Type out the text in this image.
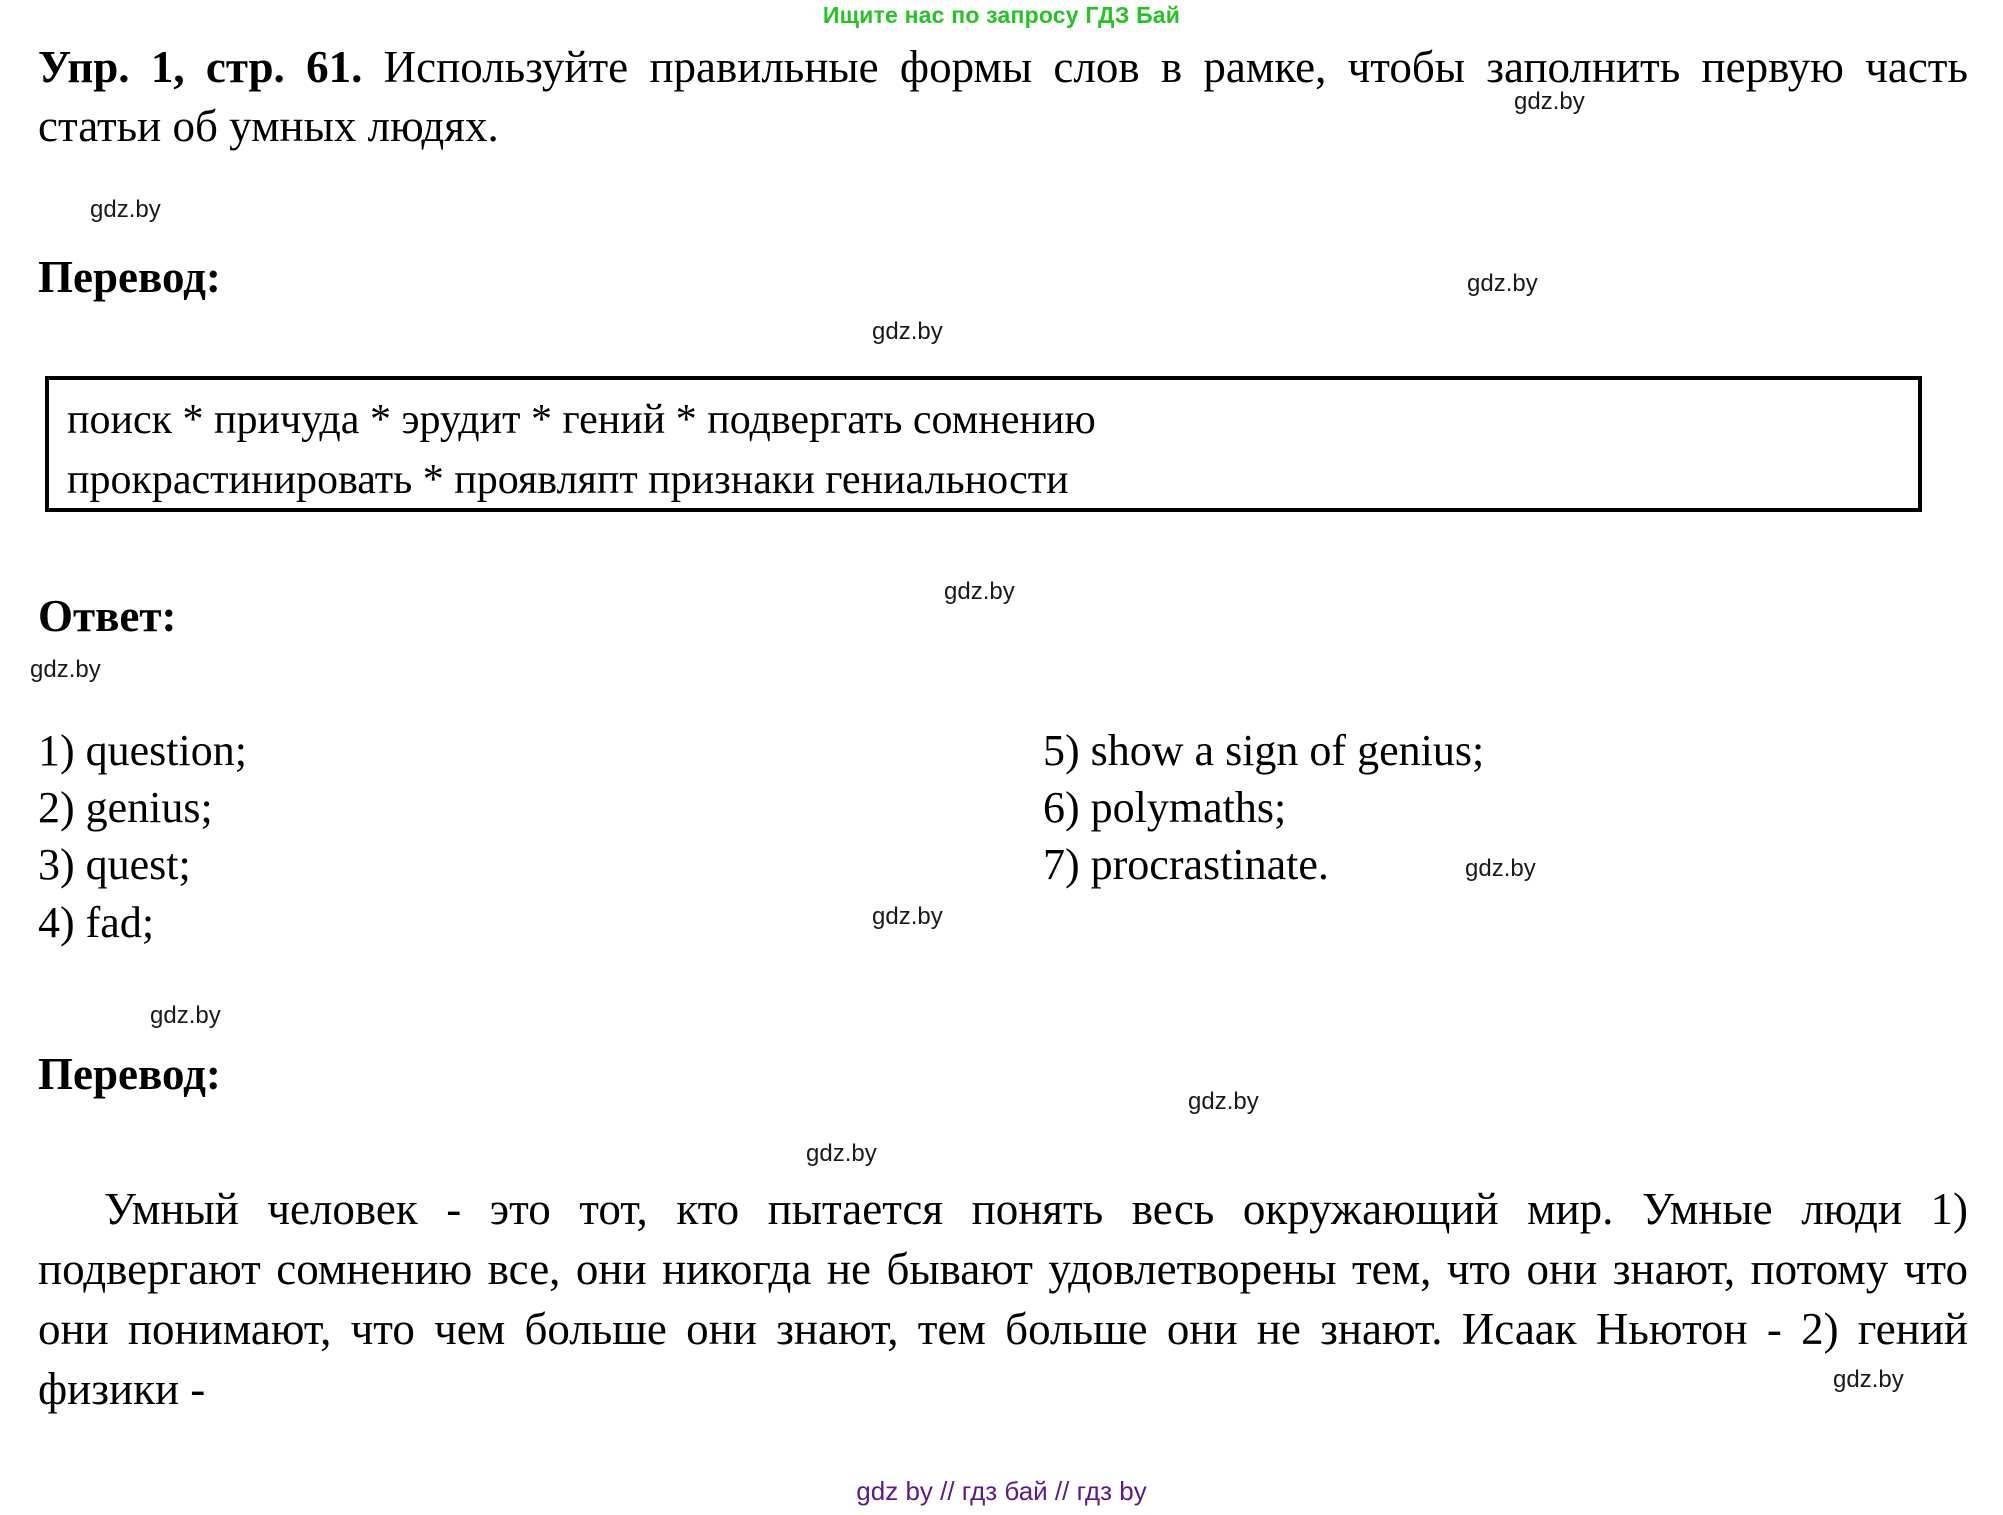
Ищите нас по запросу ГДЗ Бай
Упр. 1, стр. 61. Используйте правильные формы слов в рамке, чтобы заполнить первую часть статьи об умных людях.
Перевод:
поиск * причуда * эрудит * гений * подвергать сомнению
прокрастинировать * проявляпт признаки гениальности
Ответ:
1) question;
2) genius;
3) quest;
4) fad;
5) show a sign of genius;
6) polymaths;
7) procrastinate.
Перевод:

Умный человек - это тот, кто пытается понять весь окружающий мир. Умные люди 1) подвергают сомнению все, они никогда не бывают удовлетворены тем, что они знают, потому что они понимают, что чем больше они знают, тем больше они не знают. Исаак Ньютон - 2) гений физики -

gdz by // гдз бай // гдз by
gdz.by
gdz.by
gdz.by
gdz.by
gdz.by
gdz.by
gdz.by
gdz.by
gdz.by
gdz.by
gdz.by
gdz.by
